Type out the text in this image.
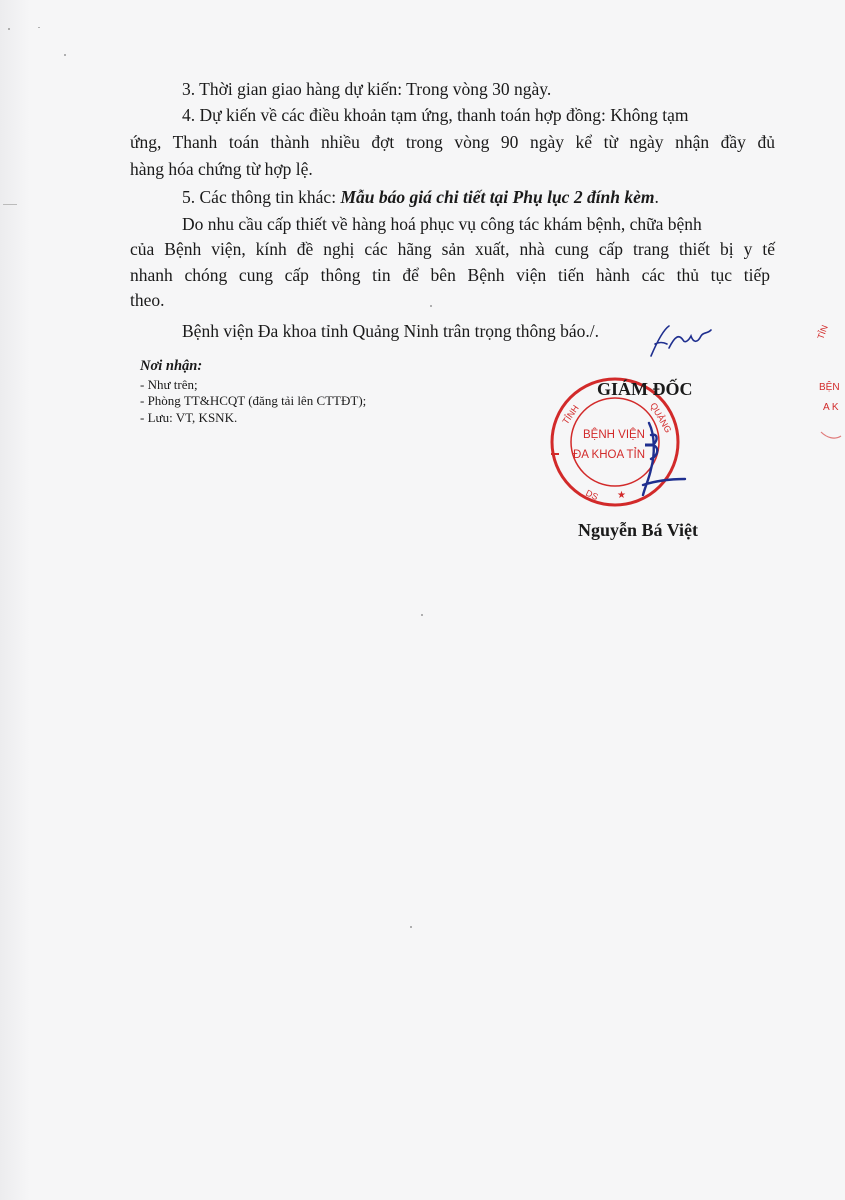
3. Thời gian giao hàng dự kiến: Trong vòng 30 ngày.
4. Dự kiến về các điều khoản tạm ứng, thanh toán hợp đồng: Không tạm
ứng, Thanh toán thành nhiều đợt trong vòng 90 ngày kể từ ngày nhận đầy đủ
hàng hóa chứng từ hợp lệ.
5. Các thông tin khác: Mẫu báo giá chi tiết tại Phụ lục 2 đính kèm.
Do nhu cầu cấp thiết về hàng hoá phục vụ công tác khám bệnh, chữa bệnh
của Bệnh viện, kính đề nghị các hãng sản xuất, nhà cung cấp trang thiết bị y tế
nhanh chóng cung cấp thông tin để bên Bệnh viện tiến hành các thủ tục tiếp
theo.
Bệnh viện Đa khoa tỉnh Quảng Ninh trân trọng thông báo./.
Nơi nhận:
- Như trên;
- Phòng TT&HCQT (đăng tải lên CTTĐT);
- Lưu: VT, KSNK.	TỈNH	QUẢNG
DS ★
BỆNH VIỆN
ĐA KHOA TỈN
GIÁM ĐỐC
Nguyễn Bá Việt
TỈN
BỆN
A K
